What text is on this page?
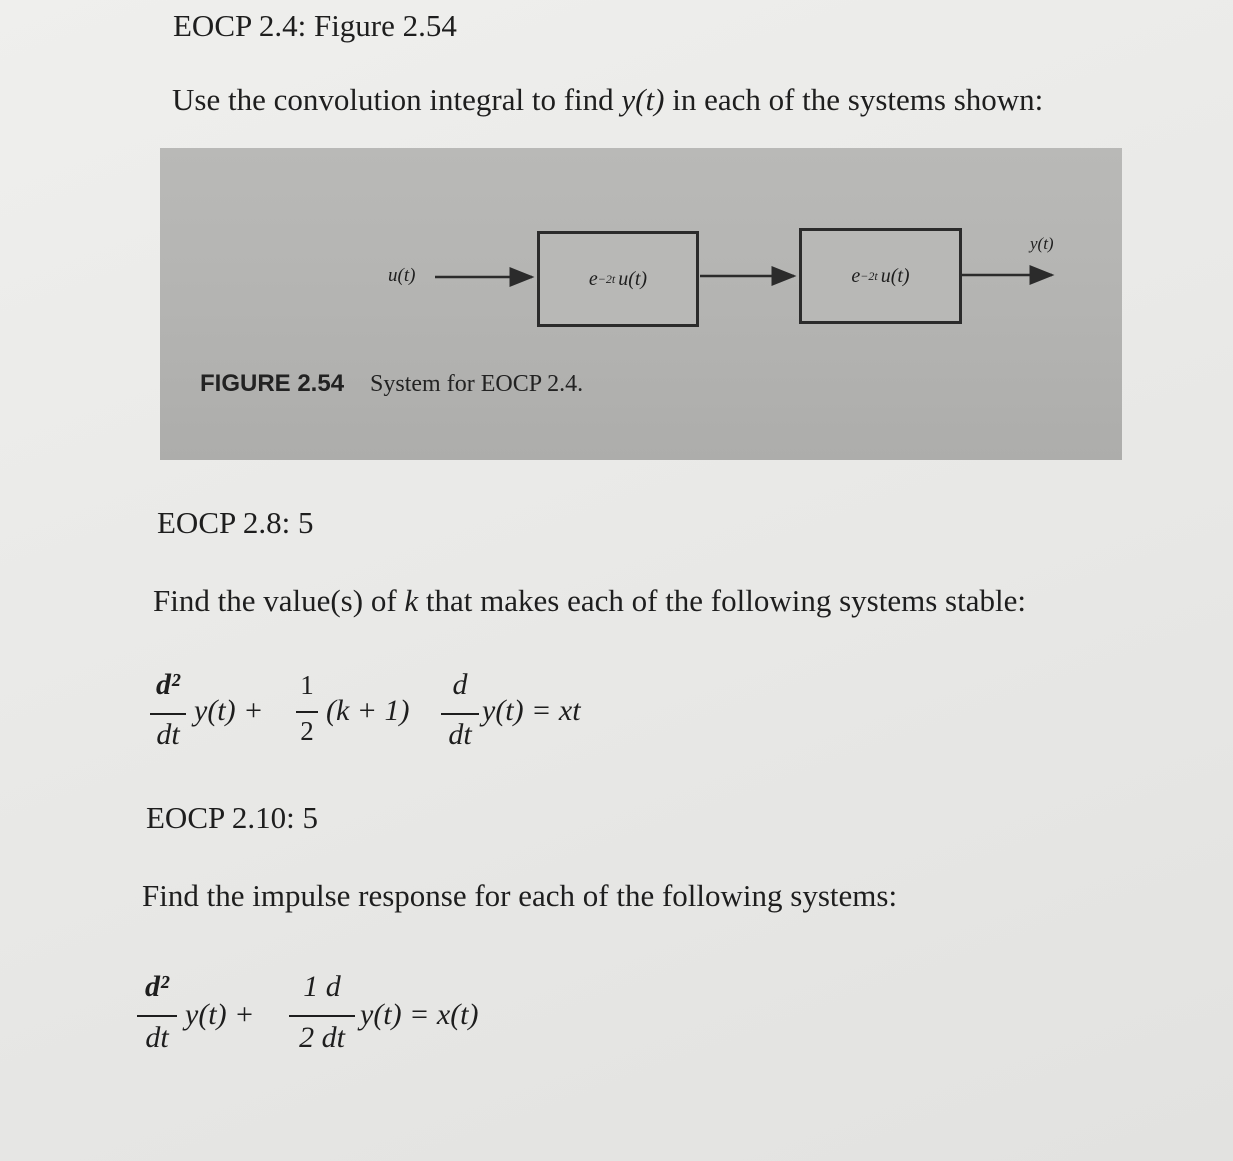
EOCP 2.4: Figure 2.54
Use the convolution integral to find y(t) in each of the systems shown:
u(t)	e −2t u(t)	e −2t u(t)
y(t)
FIGURE 2.54 System for EOCP 2.4.
EOCP 2.8: 5
Find the value(s) of k that makes each of the following systems stable:
d²
dt
y(t) +
1
2
(k + 1)
d
dt
y(t) = xt
EOCP 2.10: 5
Find the impulse response for each of the following systems:
d²
dt
y(t) +
1 d
2 dt
y(t) = x(t)
